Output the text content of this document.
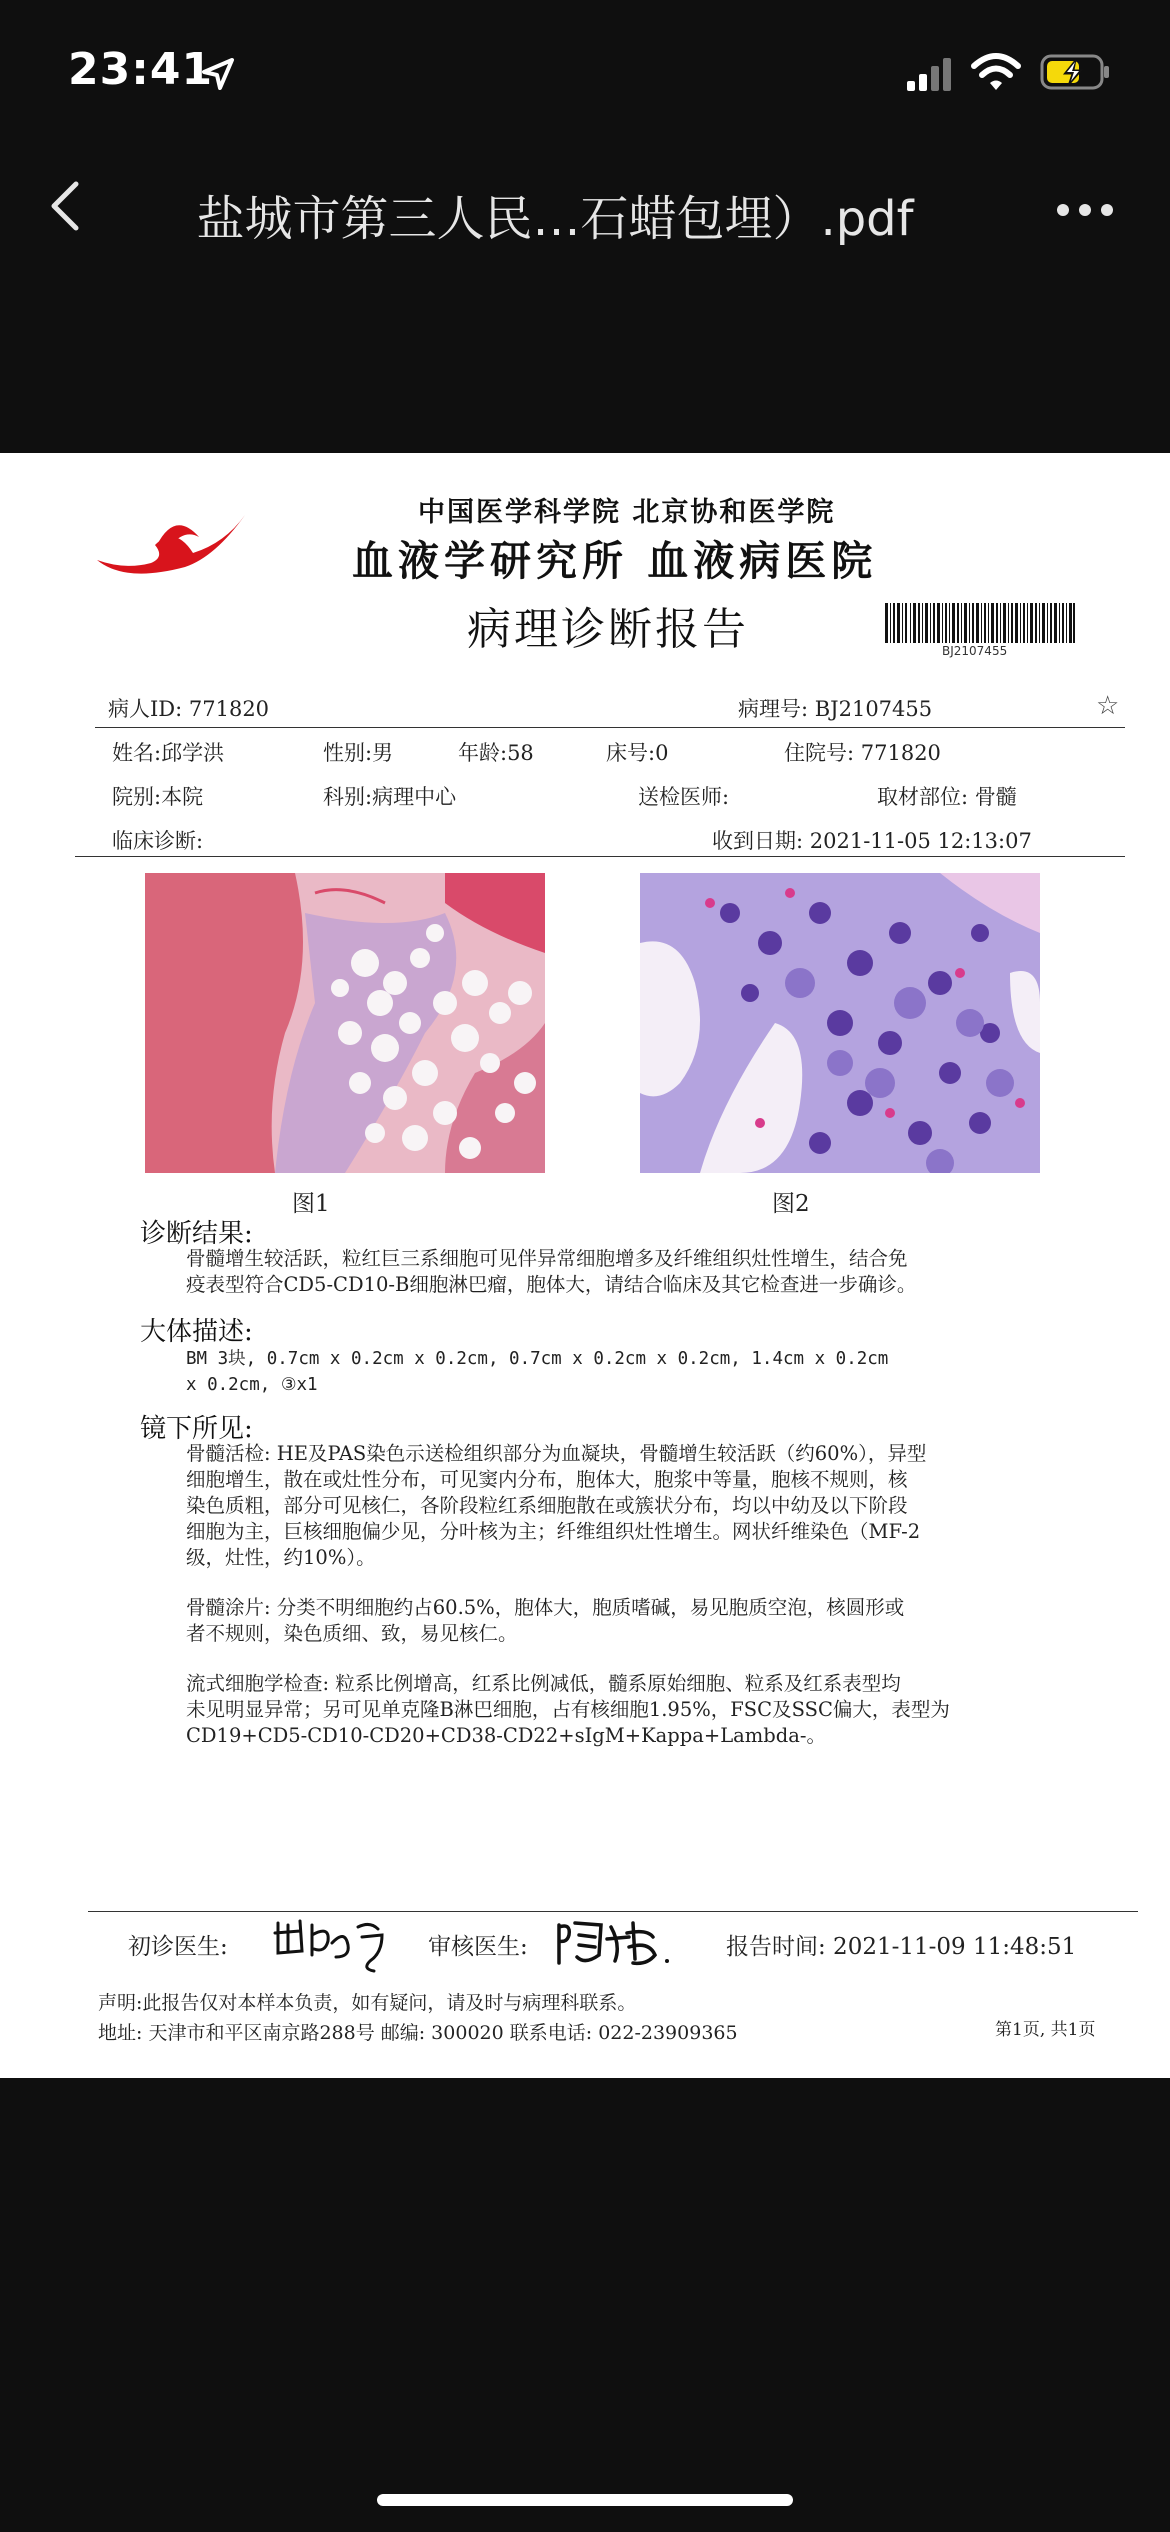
23:41
盐城市第三人民…石蜡包埋）.pdf
中国医学科学院 北京协和医学院
血液学研究所 血液病医院
病理诊断报告	BJ2107455
病人ID: 771820	病理号: BJ2107455	☆
姓名:邱学洪	性别:男	年龄:58	床号:0	住院号: 771820
院别:本院	科别:病理中心	送检医师:	取材部位: 骨髓
临床诊断:	收到日期: 2021-11-05 12:13:07
图1	图2
诊断结果:
骨髓增生较活跃，粒红巨三系细胞可见伴异常细胞增多及纤维组织灶性增生，结合免
疫表型符合CD5-CD10-B细胞淋巴瘤，胞体大，请结合临床及其它检查进一步确诊。
大体描述:
BM 3块, 0.7cm x 0.2cm x 0.2cm, 0.7cm x 0.2cm x 0.2cm, 1.4cm x 0.2cm
x 0.2cm, ③x1
镜下所见:
骨髓活检: HE及PAS染色示送检组织部分为血凝块，骨髓增生较活跃（约60%），异型
细胞增生，散在或灶性分布，可见窦内分布，胞体大，胞浆中等量，胞核不规则，核
染色质粗，部分可见核仁，各阶段粒红系细胞散在或簇状分布，均以中幼及以下阶段
细胞为主，巨核细胞偏少见，分叶核为主；纤维组织灶性增生。网状纤维染色（MF-2
级，灶性，约10%）。
骨髓涂片: 分类不明细胞约占60.5%，胞体大，胞质嗜碱，易见胞质空泡，核圆形或
者不规则，染色质细、致，易见核仁。
流式细胞学检查: 粒系比例增高，红系比例减低，髓系原始细胞、粒系及红系表型均
未见明显异常；另可见单克隆B淋巴细胞，占有核细胞1.95%，FSC及SSC偏大，表型为
CD19+CD5-CD10-CD20+CD38-CD22+sIgM+Kappa+Lambda-。
初诊医生:	审核医生:	报告时间: 2021-11-09 11:48:51
声明:此报告仅对本样本负责，如有疑问，请及时与病理科联系。
地址: 天津市和平区南京路288号 邮编: 300020 联系电话: 022-23909365	第1页, 共1页
